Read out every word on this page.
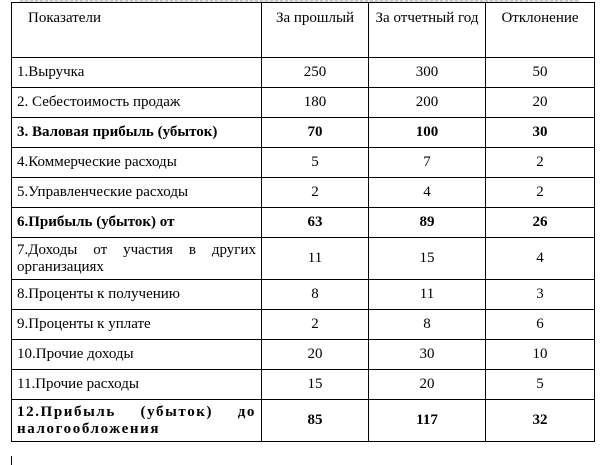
Показатели	За прошлый	За отчетный год	Отклонение
1.Выручка	250	300	50
2. Себестоимость продаж	180	200	20
3. Валовая прибыль (убыток)	70	100	30
4.Коммерческие расходы	5	7	2
5.Управленческие расходы	2	4	2
6.Прибыль (убыток) от	63	89	26
7.Доходы от участия в других организациях	11	15	4
8.Проценты к получению	8	11	3
9.Проценты к уплате	2	8	6
10.Прочие доходы	20	30	10
11.Прочие расходы	15	20	5
12.Прибыль (убыток) до налогообложения	85	117	32
